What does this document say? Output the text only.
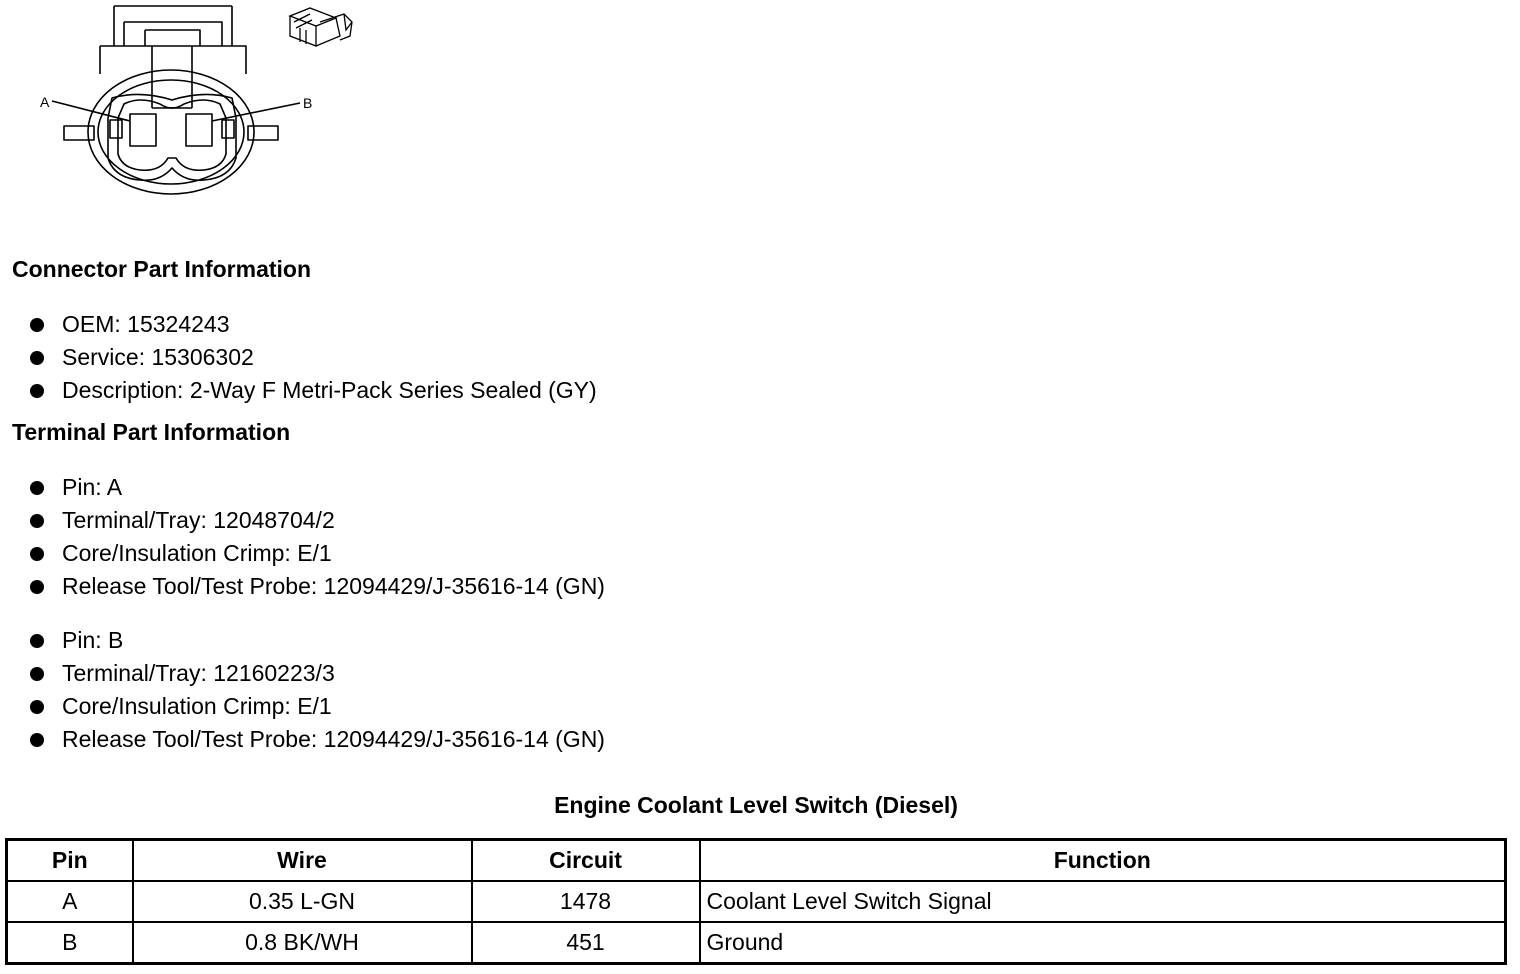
A	B
Connector Part Information
OEM: 15324243
Service: 15306302
Description: 2-Way F Metri-Pack Series Sealed (GY)
Terminal Part Information
Pin: A
Terminal/Tray: 12048704/2
Core/Insulation Crimp: E/1
Release Tool/Test Probe: 12094429/J-35616-14 (GN)
Pin: B
Terminal/Tray: 12160223/3
Core/Insulation Crimp: E/1
Release Tool/Test Probe: 12094429/J-35616-14 (GN)
Engine Coolant Level Switch (Diesel)
Pin	Wire	Circuit	Function
A	0.35 L-GN	1478	Coolant Level Switch Signal
B	0.8 BK/WH	451	Ground
